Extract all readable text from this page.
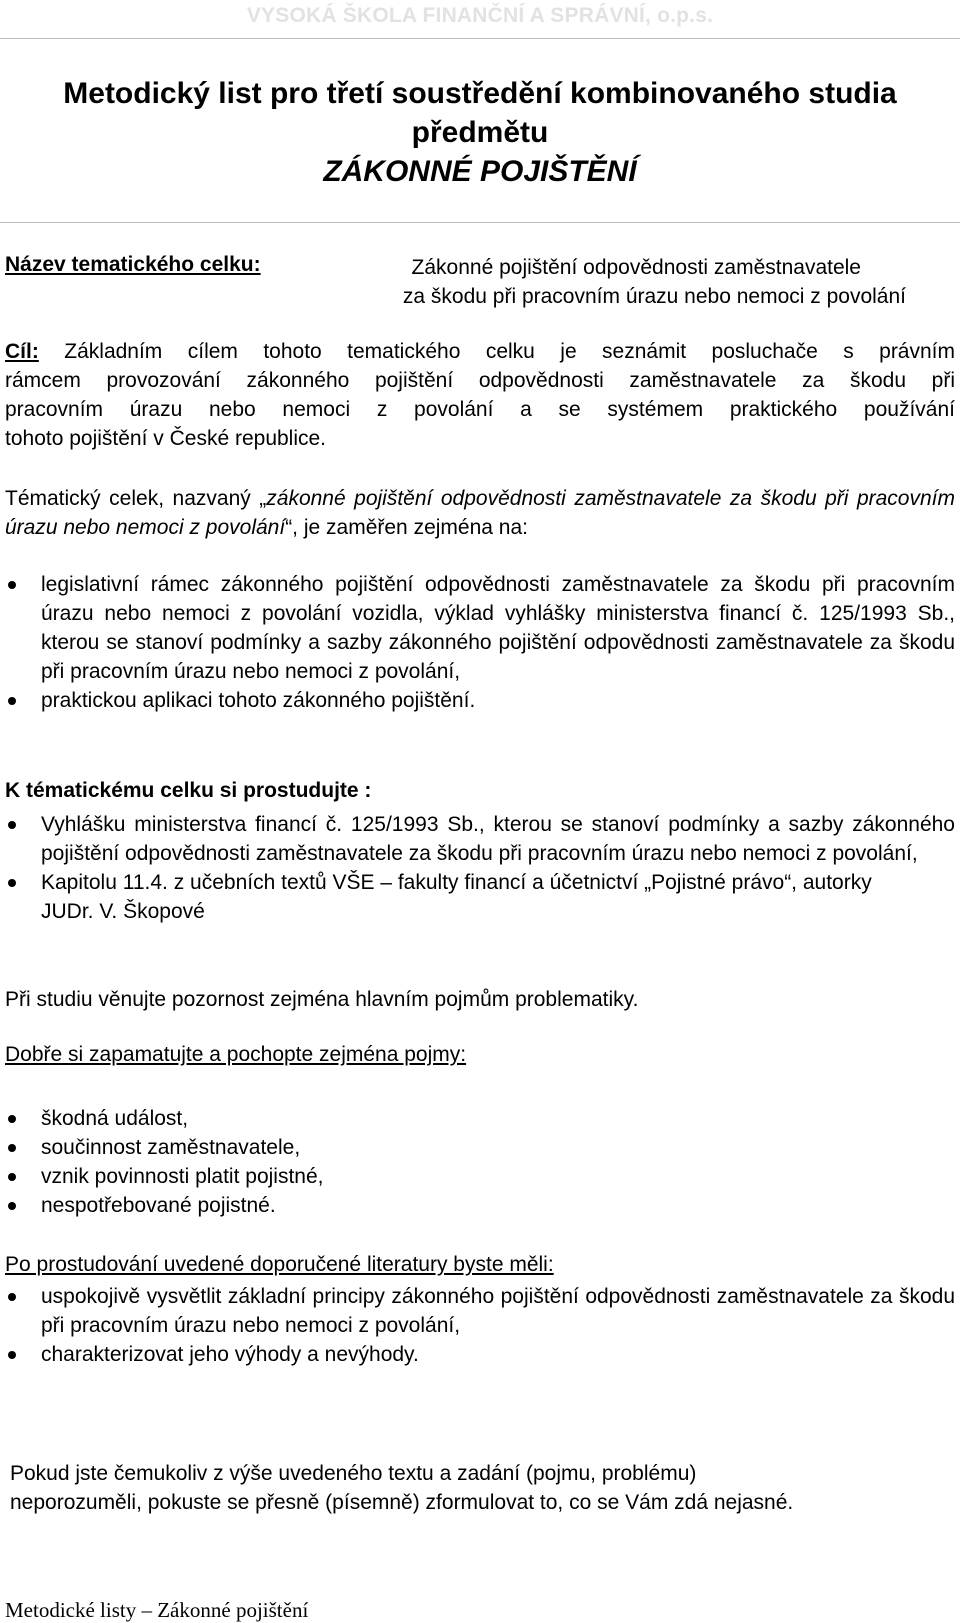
VYSOKÁ ŠKOLA FINANČNÍ A SPRÁVNÍ, o.p.s.
Metodický list pro třetí soustředění kombinovaného studia
předmětu
ZÁKONNÉ POJIŠTĚNÍ
Název tematického celku:	Zákonné pojištění odpovědnosti zaměstnavatele
za škodu při pracovním úrazu nebo nemoci z povolání
Cíl: Základním cílem tohoto tematického celku je seznámit posluchače s právním
rámcem provozování zákonného pojištění odpovědnosti zaměstnavatele za škodu při
pracovním úrazu nebo nemoci z povolání a se systémem praktického používání
tohoto pojištění v České republice.
Tématický celek, nazvaný „zákonné pojištění odpovědnosti zaměstnavatele za škodu při pracovním úrazu nebo nemoci z povolání“, je zaměřen zejména na:
legislativní rámec zákonného pojištění odpovědnosti zaměstnavatele za škodu při pracovním úrazu nebo nemoci z povolání vozidla, výklad vyhlášky ministerstva financí č. 125/1993 Sb., kterou se stanoví podmínky a sazby zákonného pojištění odpovědnosti zaměstnavatele za škodu při pracovním úrazu nebo nemoci z povolání,
praktickou aplikaci tohoto zákonného pojištění.
K tématickému celku si prostudujte :
Vyhlášku ministerstva financí č. 125/1993 Sb., kterou se stanoví podmínky a sazby zákonného pojištění odpovědnosti zaměstnavatele za škodu při pracovním úrazu nebo nemoci z povolání,
Kapitolu 11.4. z učebních textů VŠE – fakulty financí a účetnictví „Pojistné právo“, autorky JUDr. V. Škopové
Při studiu věnujte pozornost zejména hlavním pojmům problematiky.
Dobře si zapamatujte a pochopte zejména pojmy:
škodná událost,
součinnost zaměstnavatele,
vznik povinnosti platit pojistné,
nespotřebované pojistné.
Po prostudování uvedené doporučené literatury byste měli:
uspokojivě vysvětlit základní principy zákonného pojištění odpovědnosti zaměstnavatele za škodu při pracovním úrazu nebo nemoci z povolání,
charakterizovat jeho výhody a nevýhody.
Pokud jste čemukoliv z výše uvedeného textu a zadání (pojmu, problému)
neporozuměli, pokuste se přesně (písemně) zformulovat to, co se Vám zdá nejasné.
Metodické listy – Zákonné pojištění
